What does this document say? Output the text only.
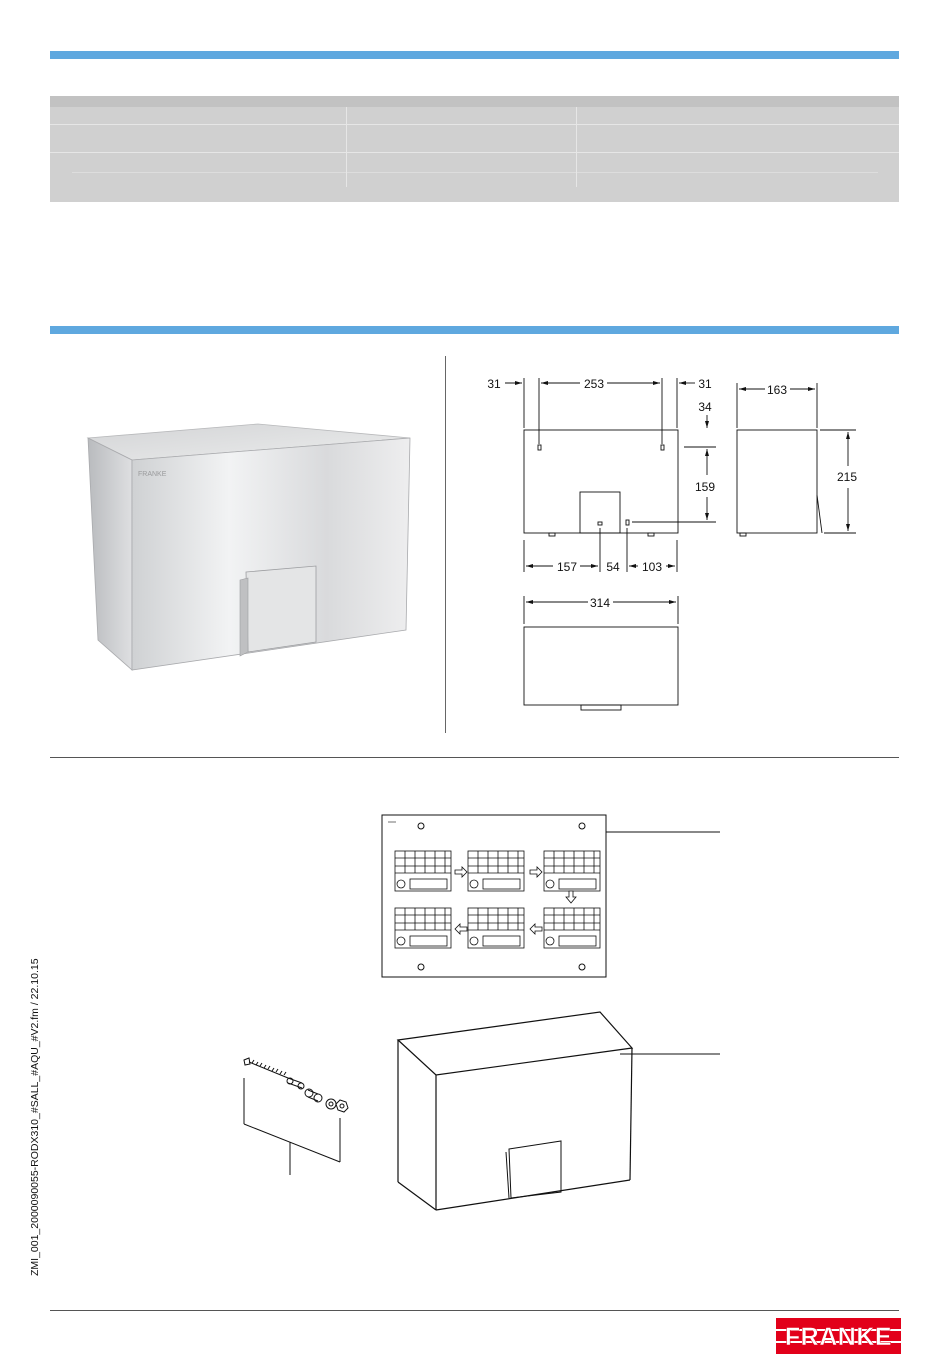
FRANKE
31	253	31
34
163
215
159
157 54 103
314
ZMI_001_2000090055-RODX310_#SALL_#AQU_#V2.fm / 22.10.15
FRANKE
